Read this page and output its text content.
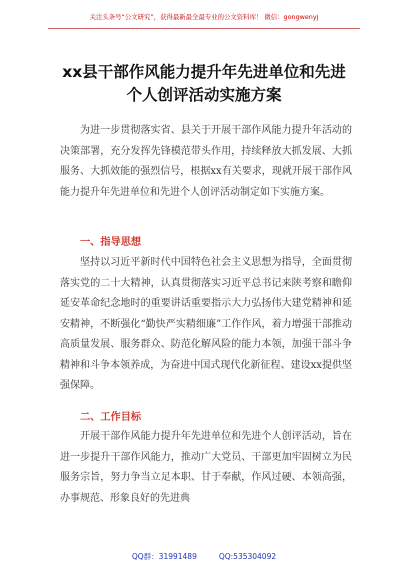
关注头条号“公文研究”，获得最新最全最专业的公文资料库！ 微信：gongwenyj
xx县干部作风能力提升年先进单位和先进
个人创评活动实施方案
为进一步贯彻落实省、县关于开展干部作风能力提升年活动的决策部署，充分发挥先锋模范带头作用，持续释放大抓发展、大抓服务、大抓效能的强烈信号，根据xx有关要求，现就开展干部作风能力提升年先进单位和先进个人创评活动制定如下实施方案。
一、指导思想
坚持以习近平新时代中国特色社会主义思想为指导，全面贯彻落实党的二十大精神，认真贯彻落实习近平总书记来陕考察和瞻仰延安革命纪念地时的重要讲话重要指示大力弘扬伟大建党精神和延安精神，不断强化“勤快严实精细廉”工作作风，着力增强干部推动高质量发展、服务群众、防范化解风险的能力本领，加强干部斗争精神和斗争本领养成，为奋进中国式现代化新征程、建设xx提供坚强保障。
二、工作目标
开展干部作风能力提升年先进单位和先进个人创评活动，旨在进一步提升干部作风能力，推动广大党员、干部更加牢固树立为民服务宗旨，努力争当立足本职、甘于奉献，作风过硬、本领高强，办事规范、形象良好的先进典
QQ群：31991489	QQ:535304092
